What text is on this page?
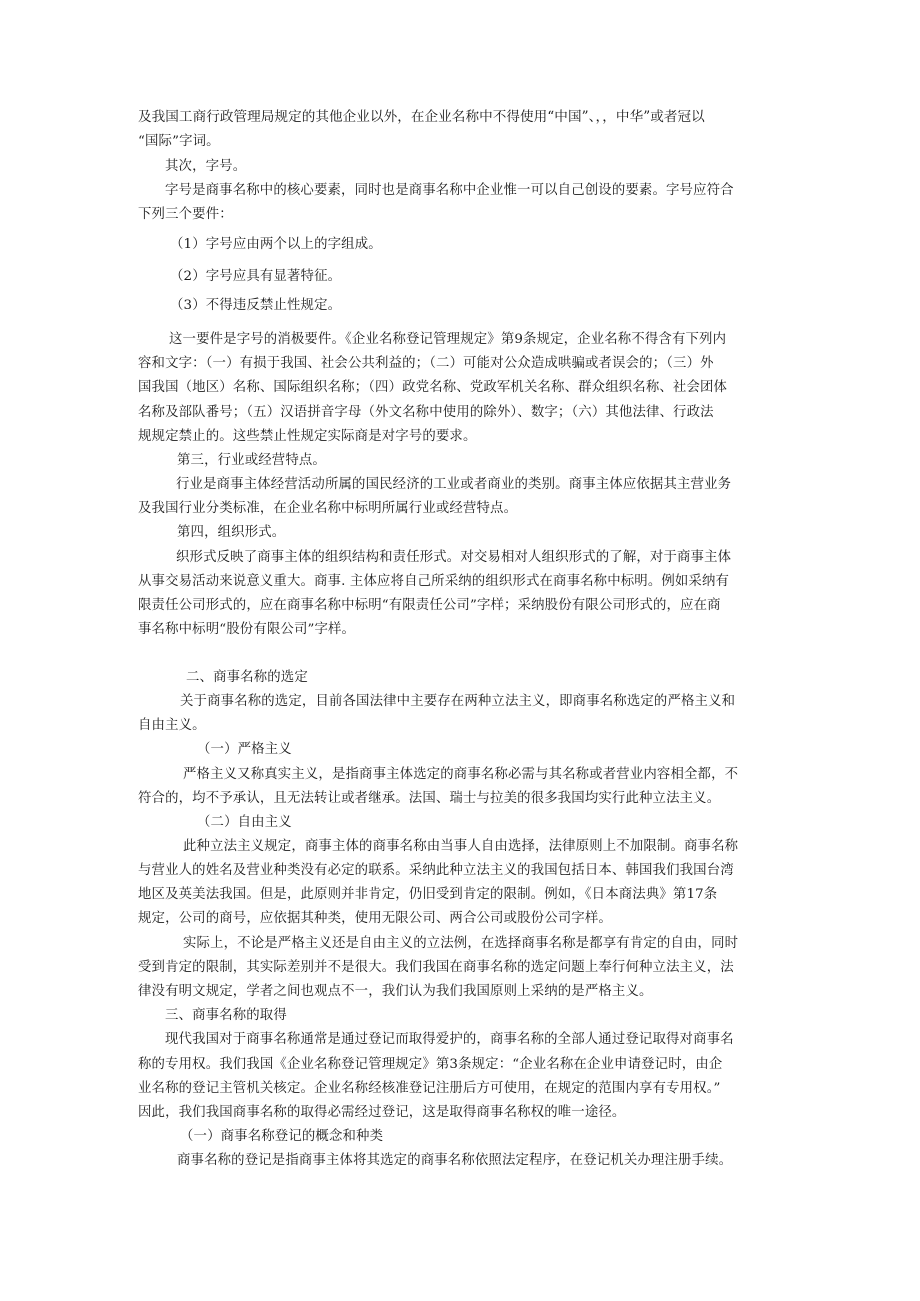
及我国工商行政管理局规定的其他企业以外，在企业名称中不得使用“中国”、，，中华”或者冠以

“国际”字词。

其次，字号。

字号是商事名称中的核心要素，同时也是商事名称中企业惟一可以自己创设的要素。字号应符合

下列三个要件：

（1）字号应由两个以上的字组成。

（2）字号应具有显著特征。

（3）不得违反禁止性规定。

这一要件是字号的消极要件。《企业名称登记管理规定》第9条规定，企业名称不得含有下列内

容和文字：（一）有损于我国、社会公共利益的；（二）可能对公众造成哄骗或者误会的；（三）外

国我国（地区）名称、国际组织名称；（四）政党名称、党政军机关名称、群众组织名称、社会团体

名称及部队番号；（五）汉语拼音字母（外文名称中使用的除外）、数字；（六）其他法律、行政法

规规定禁止的。这些禁止性规定实际商是对字号的要求。

第三，行业或经营特点。

行业是商事主体经营活动所属的国民经济的工业或者商业的类别。商事主体应依据其主营业务

及我国行业分类标准，在企业名称中标明所属行业或经营特点。

第四，组织形式。

织形式反映了商事主体的组织结构和责任形式。对交易相对人组织形式的了解，对于商事主体

从事交易活动来说意义重大。商事. 主体应将自己所采纳的组织形式在商事名称中标明。例如采纳有

限责任公司形式的，应在商事名称中标明“有限责任公司”字样；采纳股份有限公司形式的，应在商

事名称中标明“股份有限公司”字样。

二、商事名称的选定

关于商事名称的选定，目前各国法律中主要存在两种立法主义，即商事名称选定的严格主义和

自由主义。

（一）严格主义

严格主义又称真实主义，是指商事主体选定的商事名称必需与其名称或者营业内容相全都，不

符合的，均不予承认，且无法转让或者继承。法国、瑞士与拉美的很多我国均实行此种立法主义。

（二）自由主义

此种立法主义规定，商事主体的商事名称由当事人自由选择，法律原则上不加限制。商事名称

与营业人的姓名及营业种类没有必定的联系。采纳此种立法主义的我国包括日本、韩国我们我国台湾

地区及英美法我国。但是，此原则并非肯定，仍旧受到肯定的限制。例如，《日本商法典》第17条

规定，公司的商号，应依据其种类，使用无限公司、两合公司或股份公司字样。

实际上，不论是严格主义还是自由主义的立法例，在选择商事名称是都享有肯定的自由，同时

受到肯定的限制，其实际差别并不是很大。我们我国在商事名称的选定问题上奉行何种立法主义，法

律没有明文规定，学者之间也观点不一，我们认为我们我国原则上采纳的是严格主义。

三、商事名称的取得

现代我国对于商事名称通常是通过登记而取得爱护的，商事名称的全部人通过登记取得对商事名

称的专用权。我们我国《企业名称登记管理规定》第3条规定：“企业名称在企业申请登记时，由企

业名称的登记主管机关核定。企业名称经核准登记注册后方可使用，在规定的范围内享有专用权。”

因此，我们我国商事名称的取得必需经过登记，这是取得商事名称权的唯一途径。

（一）商事名称登记的概念和种类

商事名称的登记是指商事主体将其选定的商事名称依照法定程序，在登记机关办理注册手续。
